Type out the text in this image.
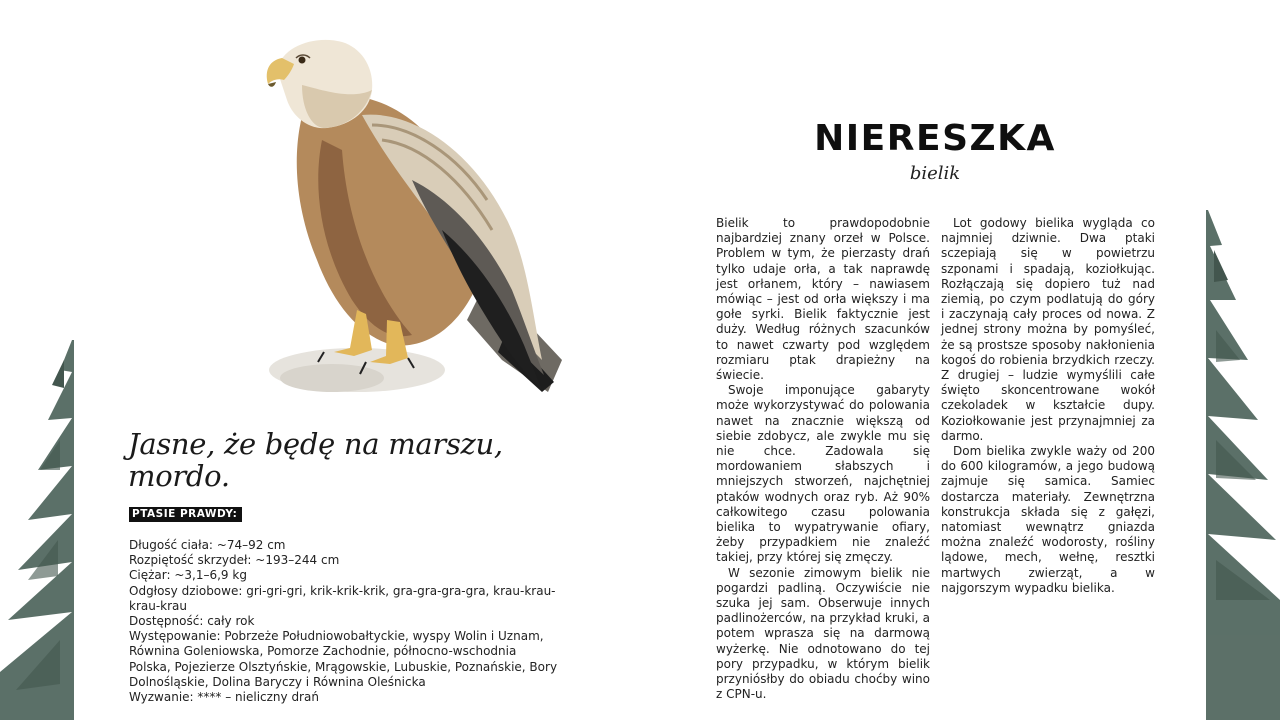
Jasne, że będę na marszu, mordo.
PTASIE PRAWDY:
Długość ciała: ~74–92 cm
Rozpiętość skrzydeł: ~193–244 cm
Ciężar: ~3,1–6,9 kg
Odgłosy dziobowe: gri-gri-gri, krik-krik-krik, gra-gra-gra-gra, krau-krau-krau-krau
Dostępność: cały rok
Występowanie: Pobrzeże Południowobałtyckie, wyspy Wolin i Uznam, Równina Goleniowska, Pomorze Zachodnie, północno-wschodnia Polska, Pojezierze Olsztyńskie, Mrągowskie, Lubuskie, Poznańskie, Bory Dolnośląskie, Dolina Baryczy i Równina Oleśnicka
Wyzwanie: **** – nieliczny drań
NIERESZKA
bielik

Bielik to prawdopodobnie najbardziej znany orzeł w Polsce. Problem w tym, że pierzasty drań tylko udaje orła, a tak naprawdę jest orłanem, który – nawiasem mówiąc – jest od orła większy i ma gołe syrki. Bielik faktycznie jest duży. Według różnych szacunków to nawet czwarty pod względem rozmiaru ptak drapieżny na świecie.

Swoje imponujące gabaryty może wykorzystywać do polowania nawet na znacznie większą od siebie zdobycz, ale zwykle mu się nie chce. Zadowala się mordowaniem słabszych i mniejszych stworzeń, najchętniej ptaków wodnych oraz ryb. Aż 90% całkowitego czasu polowania bielika to wypatrywanie ofiary, żeby przypadkiem nie znaleźć takiej, przy której się zmęczy.

W sezonie zimowym bielik nie pogardzi padliną. Oczywiście nie szuka jej sam. Obserwuje innych padlinożerców, na przykład kruki, a potem wprasza się na darmową wyżerkę. Nie odnotowano do tej pory przypadku, w którym bielik przyniósłby do obiadu choćby wino z CPN-u.

Lot godowy bielika wygląda co najmniej dziwnie. Dwa ptaki sczepiają się w powietrzu szponami i spadają, koziołkując. Rozłączają się dopiero tuż nad ziemią, po czym podlatują do góry i zaczynają cały proces od nowa. Z jednej strony można by pomyśleć, że są prostsze sposoby nakłonienia kogoś do robienia brzydkich rzeczy. Z drugiej – ludzie wymyślili całe święto skoncentrowane wokół czekoladek w kształcie dupy. Koziołkowanie jest przynajmniej za darmo.

Dom bielika zwykle waży od 200 do 600 kilogramów, a jego budową zajmuje się samica. Samiec dostarcza materiały. Zewnętrzna konstrukcja składa się z gałęzi, natomiast wewnątrz gniazda można znaleźć wodorosty, rośliny lądowe, mech, wełnę, resztki martwych zwierząt, a w najgorszym wypadku bielika.
